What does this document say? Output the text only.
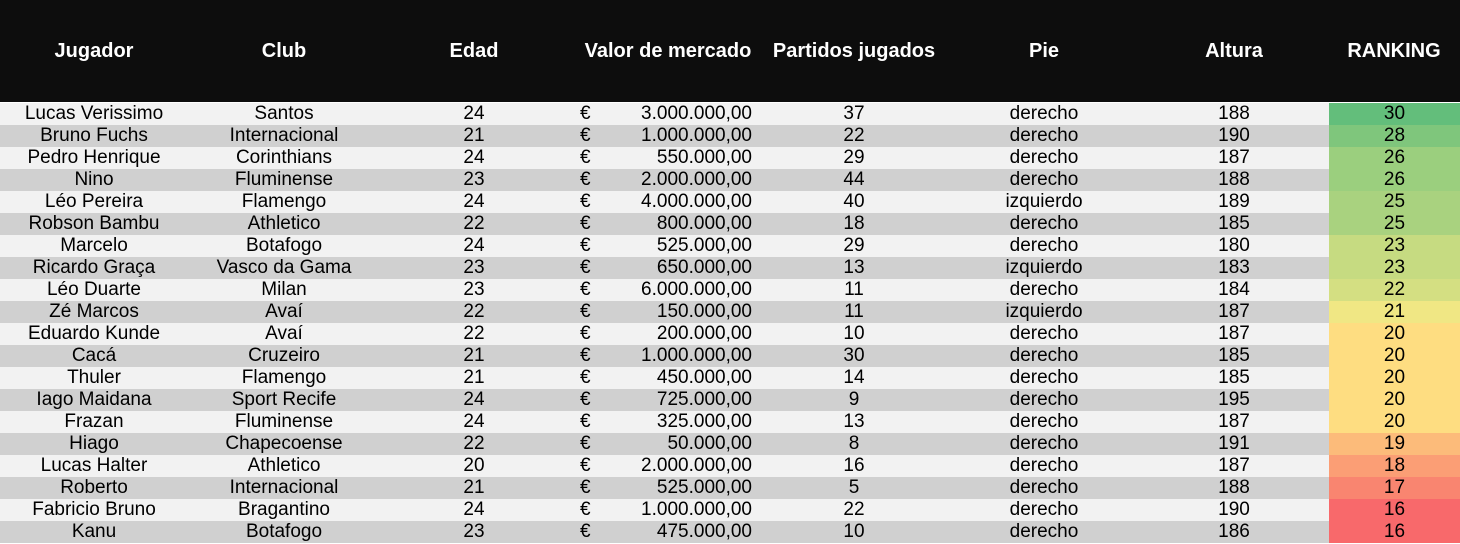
Jugador	Club	Edad	Valor de mercado	Partidos jugados	Pie	Altura	RANKING
Lucas Verissimo	Santos	24	€	3.000.000,00	37	derecho	188	30
Bruno Fuchs	Internacional	21	€	1.000.000,00	22	derecho	190	28
Pedro Henrique	Corinthians	24	€	550.000,00	29	derecho	187	26
Nino	Fluminense	23	€	2.000.000,00	44	derecho	188	26
Léo Pereira	Flamengo	24	€	4.000.000,00	40	izquierdo	189	25
Robson Bambu	Athletico	22	€	800.000,00	18	derecho	185	25
Marcelo	Botafogo	24	€	525.000,00	29	derecho	180	23
Ricardo Graça	Vasco da Gama	23	€	650.000,00	13	izquierdo	183	23
Léo Duarte	Milan	23	€	6.000.000,00	11	derecho	184	22
Zé Marcos	Avaí	22	€	150.000,00	11	izquierdo	187	21
Eduardo Kunde	Avaí	22	€	200.000,00	10	derecho	187	20
Cacá	Cruzeiro	21	€	1.000.000,00	30	derecho	185	20
Thuler	Flamengo	21	€	450.000,00	14	derecho	185	20
Iago Maidana	Sport Recife	24	€	725.000,00	9	derecho	195	20
Frazan	Fluminense	24	€	325.000,00	13	derecho	187	20
Hiago	Chapecoense	22	€	50.000,00	8	derecho	191	19
Lucas Halter	Athletico	20	€	2.000.000,00	16	derecho	187	18
Roberto	Internacional	21	€	525.000,00	5	derecho	188	17
Fabricio Bruno	Bragantino	24	€	1.000.000,00	22	derecho	190	16
Kanu	Botafogo	23	€	475.000,00	10	derecho	186	16
